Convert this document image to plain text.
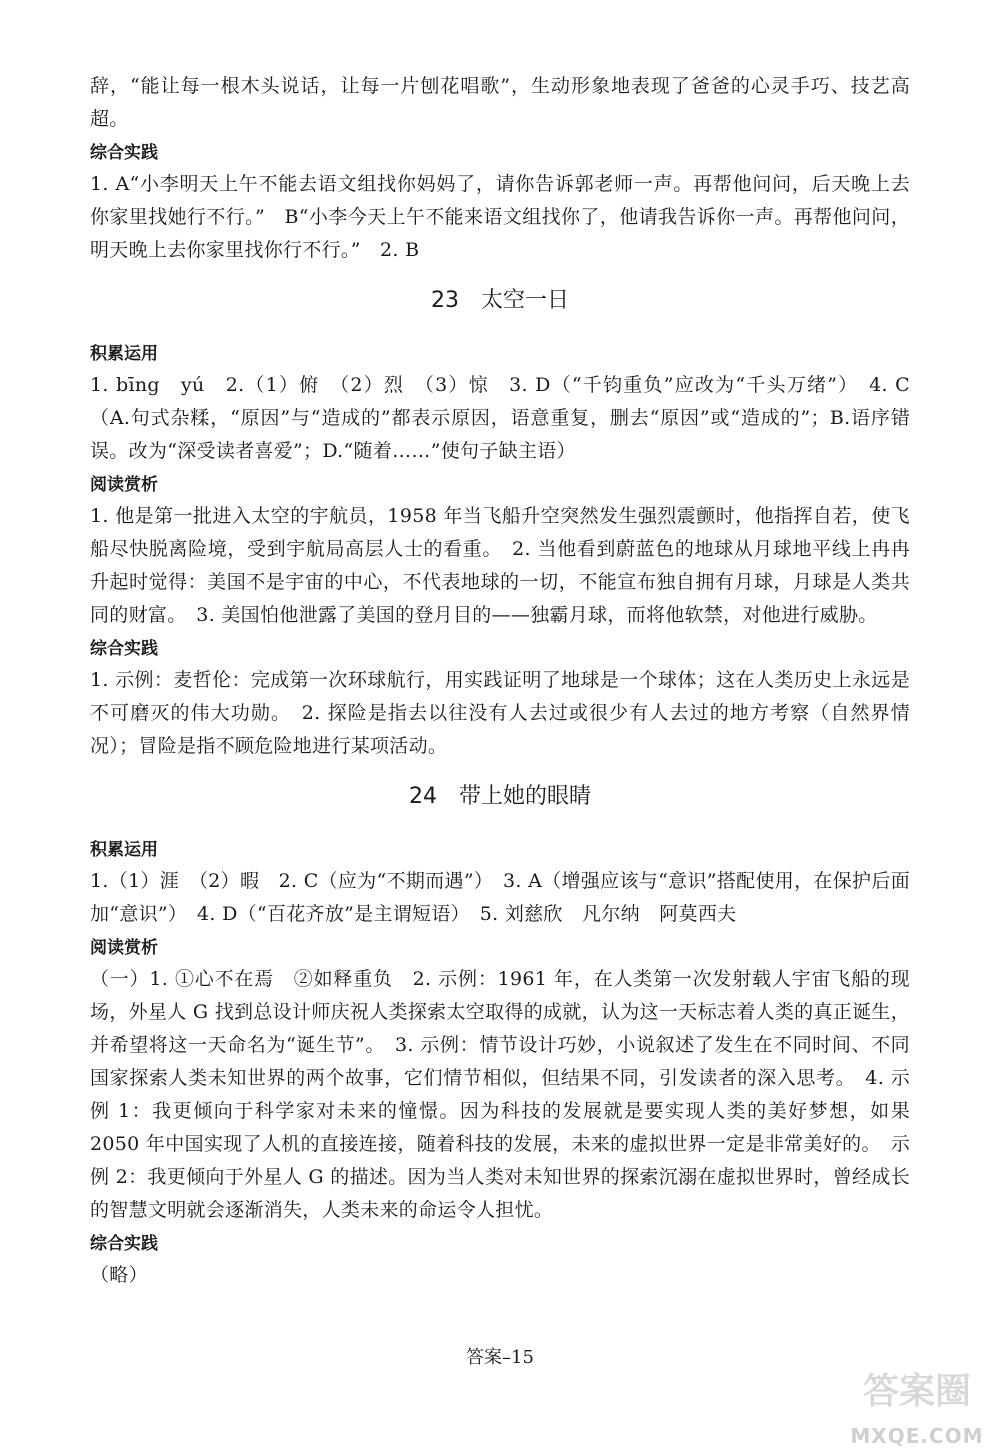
辞，“能让每一根木头说话，让每一片刨花唱歌”，生动形象地表现了爸爸的心灵手巧、技艺高超。

综合实践

1. A“小李明天上午不能去语文组找你妈妈了，请你告诉郭老师一声。再帮他问问，后天晚上去你家里找她行不行。”　B“小李今天上午不能来语文组找你了，他请我告诉你一声。再帮他问问，明天晚上去你家里找你行不行。”　2. B

23 太空一日

积累运用

1. bīng　yú　2.（1）俯　（2）烈　（3）惊　3. D（“千钧重负”应改为“千头万绪”）　4. C（A.句式杂糅，“原因”与“造成的”都表示原因，语意重复，删去“原因”或“造成的”；B.语序错误。改为“深受读者喜爱”；D.“随着……”使句子缺主语）

阅读赏析

1. 他是第一批进入太空的宇航员，1958 年当飞船升空突然发生强烈震颤时，他指挥自若，使飞船尽快脱离险境，受到宇航局高层人士的看重。　2. 当他看到蔚蓝色的地球从月球地平线上冉冉升起时觉得：美国不是宇宙的中心，不代表地球的一切，不能宣布独自拥有月球，月球是人类共同的财富。　3. 美国怕他泄露了美国的登月目的——独霸月球，而将他软禁，对他进行威胁。

综合实践

1. 示例：麦哲伦：完成第一次环球航行，用实践证明了地球是一个球体；这在人类历史上永远是不可磨灭的伟大功勋。　2. 探险是指去以往没有人去过或很少有人去过的地方考察（自然界情况）；冒险是指不顾危险地进行某项活动。

24 带上她的眼睛

积累运用

1.（1）涯　（2）暇　2. C（应为“不期而遇”）　3. A（增强应该与“意识”搭配使用，在保护后面加“意识”）　4. D（“百花齐放”是主谓短语）　5. 刘慈欣　凡尔纳　阿莫西夫

阅读赏析

（一）1. ①心不在焉　②如释重负　2. 示例：1961 年，在人类第一次发射载人宇宙飞船的现场，外星人 G 找到总设计师庆祝人类探索太空取得的成就，认为这一天标志着人类的真正诞生，并希望将这一天命名为“诞生节”。　3. 示例：情节设计巧妙，小说叙述了发生在不同时间、不同国家探索人类未知世界的两个故事，它们情节相似，但结果不同，引发读者的深入思考。　4. 示例 1：我更倾向于科学家对未来的憧憬。因为科技的发展就是要实现人类的美好梦想，如果 2050 年中国实现了人机的直接连接，随着科技的发展，未来的虚拟世界一定是非常美好的。　示例 2：我更倾向于外星人 G 的描述。因为当人类对未知世界的探索沉溺在虚拟世界时，曾经成长的智慧文明就会逐渐消失，人类未来的命运令人担忧。

综合实践

（略）

答案–15
答案圈
MXQE.COM
